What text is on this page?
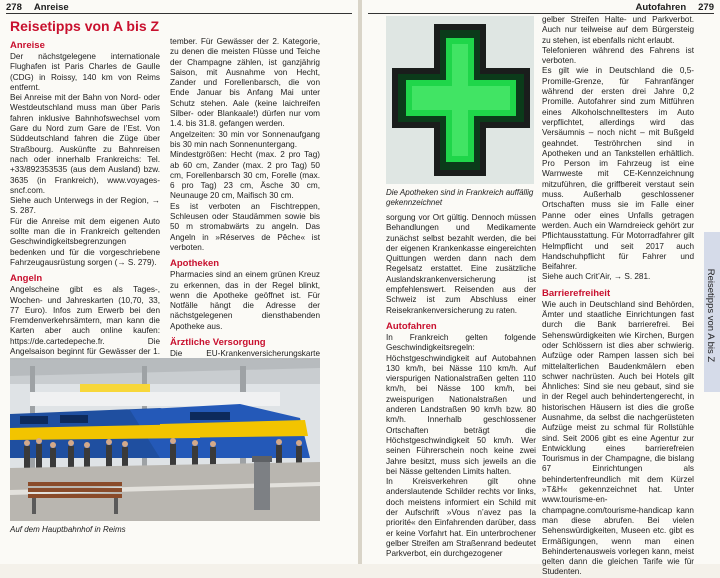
278	Anreise
Reisetipps von A bis Z
Anreise

Der nächstgelegene internationale Flughafen ist Paris Charles de Gaulle (CDG) in Roissy, 140 km von Reims entfernt.

Bei Anreise mit der Bahn von Nord- oder Westdeutschland muss man über Paris fahren inklusive Bahnhofswechsel vom Gare du Nord zum Gare de l’Est. Von Süddeutschland fahren die Züge über Straßbourg. Auskünfte zu Bahnreisen nach oder innerhalb Frankreichs: Tel. +33/892353535 (aus dem Ausland) bzw. 3635 (in Frankreich), www.voyages-sncf.com.

Siehe auch Unterwegs in der Region, → S. 287.

Für die Anreise mit dem eigenen Auto sollte man die in Frankreich geltenden Geschwindigkeitsbegrenzungen bedenken und für die vorgeschriebene Fahrzeugausrüstung sorgen (→ S. 279).

Angeln

Angelscheine gibt es als Tages-, Wochen- und Jahreskarten (10,70, 33, 77 Euro). Infos zum Erwerb bei den Fremdenverkehrsämtern, man kann die Karten aber auch online kaufen: https://de.cartedepeche.fr. Die Angelsaison beginnt für Gewässer der 1.

tember. Für Gewässer der 2. Kategorie, zu denen die meisten Flüsse und Teiche der Champagne zählen, ist ganzjährig Saison, mit Ausnahme von Hecht, Zander und Forellenbarsch, die von Ende Januar bis Anfang Mai unter Schutz stehen. Aale (keine laichreifen Silber- oder Blankaale!) dürfen nur vom 1.4. bis 31.8. gefangen werden.

Angelzeiten: 30 min vor Sonnenaufgang bis 30 min nach Sonnenuntergang.

Mindestgrößen: Hecht (max. 2 pro Tag) ab 60 cm, Zander (max. 2 pro Tag) 50 cm, Forellenbarsch 30 cm, Forelle (max. 6 pro Tag) 23 cm, Äsche 30 cm, Neunauge 20 cm, Maifisch 30 cm.

Es ist verboten an Fischtreppen, Schleusen oder Staudämmen sowie bis 50 m stromabwärts zu angeln. Das Angeln in »Réserves de Pêche« ist verboten.

Apotheken

Pharmacies sind an einem grünen Kreuz zu erkennen, das in der Regel blinkt, wenn die Apotheke geöffnet ist. Für Notfälle hängt die Adresse der nächstgelegenen diensthabenden Apotheke aus.

Ärztliche Versorgung

Die EU-Krankenversicherungskarte

Auf dem Hauptbahnhof in Reims
Autofahren	279
Die Apotheken sind in Frankreich auffällig gekennzeichnet

sorgung vor Ort gültig. Dennoch müssen Behandlungen und Medikamente zunächst selbst bezahlt werden, die bei der eigenen Krankenkasse eingereichten Quittungen werden dann nach dem Regelsatz erstattet. Eine zusätzliche Auslandskrankenversicherung ist empfehlenswert. Reisenden aus der Schweiz ist zum Abschluss einer Reisekrankenversicherung zu raten.

Autofahren

In Frankreich gelten folgende Geschwindigkeitsregeln: Höchstgeschwindigkeit auf Autobahnen 130 km/h, bei Nässe 110 km/h. Auf vierspurigen Nationalstraßen gelten 110 km/h, bei Nässe 100 km/h, bei zweispurigen Nationalstraßen und anderen Landstraßen 90 km/h bzw. 80 km/h. Innerhalb geschlossener Ortschaften beträgt die Höchstgeschwindigkeit 50 km/h. Wer seinen Führerschein noch keine zwei Jahre besitzt, muss sich jeweils an die bei Nässe geltenden Limits halten.

In Kreisverkehren gilt ohne anderslautende Schilder rechts vor links, doch meistens informiert ein Schild mit der Aufschrift »Vous n’avez pas la priorité« den Einfahrenden darüber, dass er keine Vorfahrt hat. Ein unterbrochener gelber Streifen am Straßenrand bedeutet Parkverbot, ein durchgezogener

gelber Streifen Halte- und Parkverbot. Auch nur teilweise auf dem Bürgersteig zu stehen, ist ebenfalls nicht erlaubt.

Telefonieren während des Fahrens ist verboten.

Es gilt wie in Deutschland die 0,5-Promille-Grenze, für Fahranfänger während der ersten drei Jahre 0,2 Promille. Autofahrer sind zum Mitführen eines Alkoholschnelltesters im Auto verpflichtet, allerdings wird das Versäumnis – noch nicht – mit Bußgeld geahndet. Teströhrchen sind in Apotheken und an Tankstellen erhältlich. Pro Person im Fahrzeug ist eine Warnweste mit CE-Kennzeichnung mitzuführen, die griffbereit verstaut sein muss. Außerhalb geschlossener Ortschaften muss sie im Falle einer Panne oder eines Unfalls getragen werden. Auch ein Warndreieck gehört zur Pflichtausstattung. Für Motorradfahrer gilt Helmpflicht und seit 2017 auch Handschuhpflicht für Fahrer und Beifahrer.

Siehe auch Crit’Air, → S. 281.

Barrierefreiheit

Wie auch in Deutschland sind Behörden, Ämter und staatliche Einrichtungen fast durch die Bank barrierefrei. Bei Sehenswürdigkeiten wie Kirchen, Burgen oder Schlössern ist dies aber schwierig. Aufzüge oder Rampen lassen sich bei mittelalterlichen Baudenkmälern eben schwer nachrüsten. Auch bei Hotels gilt Ähnliches: Sind sie neu gebaut, sind sie in der Regel auch behindertengerecht, in historischen Häusern ist dies die große Ausnahme, da selbst die nachgerüsteten Aufzüge meist zu schmal für Rollstühle sind. Seit 2006 gibt es eine Agentur zur Entwicklung eines barrierefreien Tourismus in der Champagne, die bislang 67 Einrichtungen als behindertenfreundlich mit dem Kürzel »T&H« gekennzeichnet hat. Unter www.tourisme-en-champagne.com/tourisme-handicap kann man diese abrufen. Bei vielen Sehenswürdigkeiten, Museen etc. gibt es Ermäßigungen, wenn man einen Behindertenausweis vorlegen kann, meist gelten dann die gleichen Tarife wie für Studenten.

Reisetipps von A bis Z
